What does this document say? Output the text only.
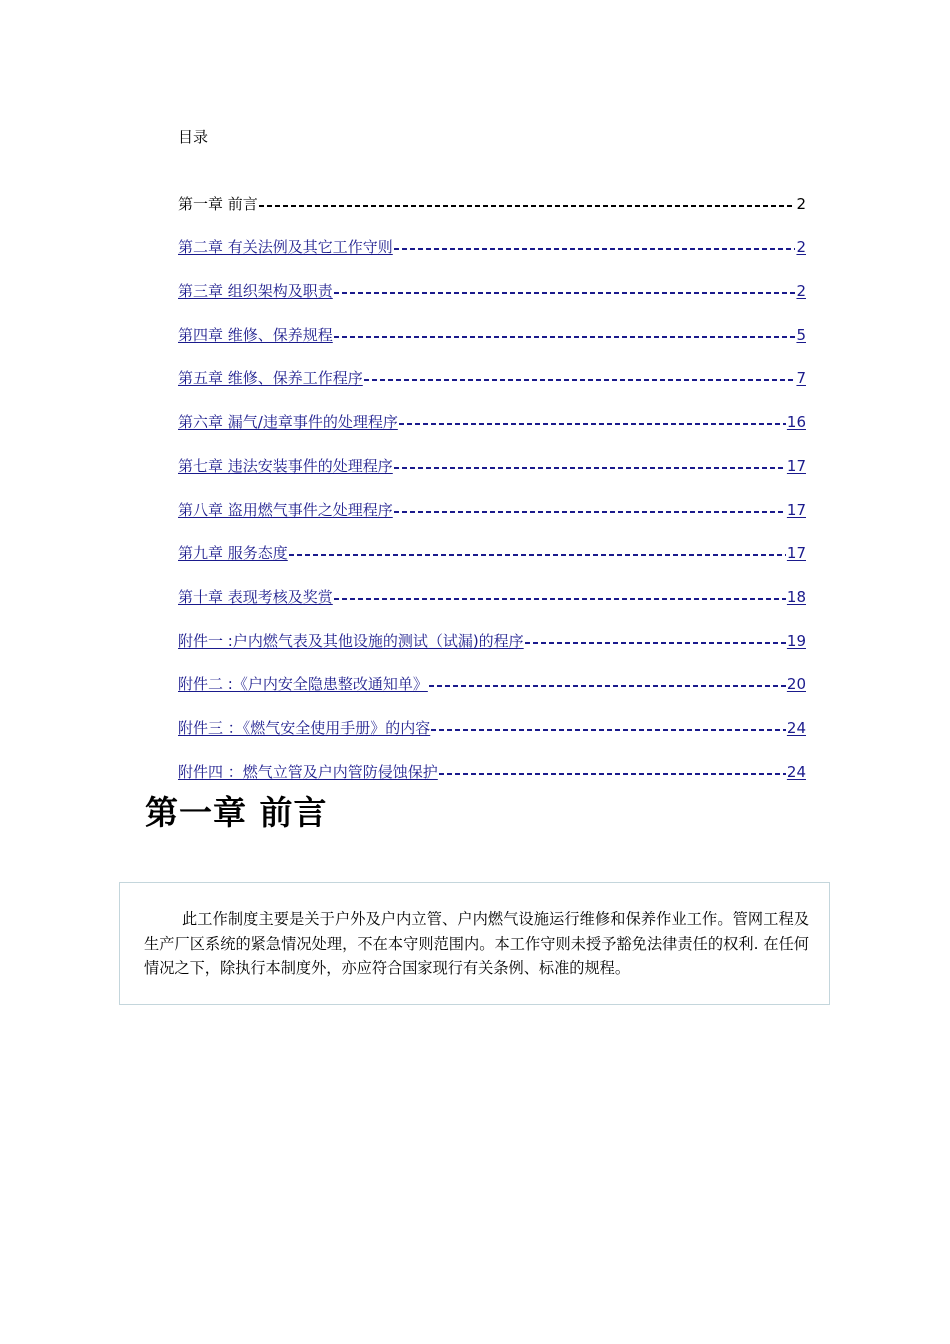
目录
第一章 前言	2
第二章 有关法例及其它工作守则	2
第三章 组织架构及职责	2
第四章 维修、保养规程	5
第五章 维修、保养工作程序	7
第六章 漏气/违章事件的处理程序	16
第七章 违法安装事件的处理程序	17
第八章 盗用燃气事件之处理程序	17
第九章 服务态度	17
第十章 表现考核及奖赏	18
附件一 :户内燃气表及其他设施的测试（试漏)的程序	19
附件二 :《户内安全隐患整改通知单》	20
附件三 ：《燃气安全使用手册》的内容	24
附件四 ：燃气立管及户内管防侵蚀保护	24
第一章 前言

此工作制度主要是关于户外及户内立管、户内燃气设施运行维修和保养作业工作。管网工程及生产厂区系统的紧急情况处理，不在本守则范围内。本工作守则未授予豁免法律责任的权利. 在任何情况之下，除执行本制度外，亦应符合国家现行有关条例、标准的规程。
